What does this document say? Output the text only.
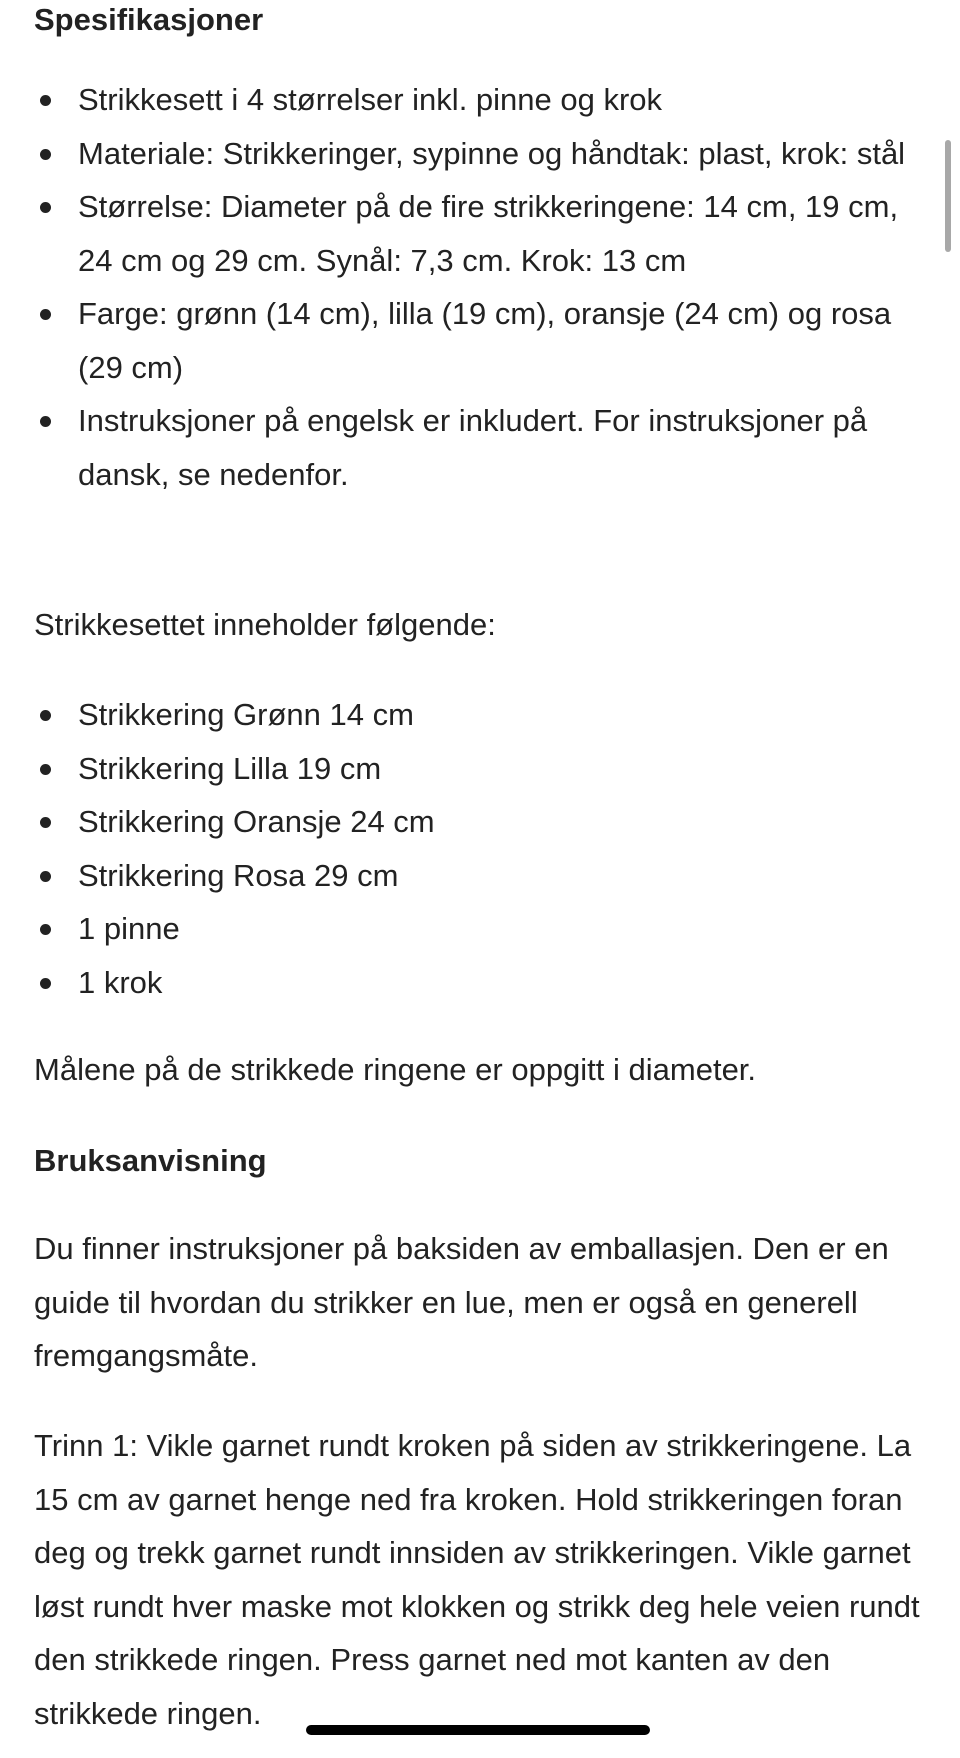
Spesifikasjoner
Strikkesett i 4 størrelser inkl. pinne og krok
Materiale: Strikkeringer, sypinne og håndtak: plast, krok: stål
Størrelse: Diameter på de fire strikkeringene: 14 cm, 19 cm, 24 cm og 29 cm. Synål: 7,3 cm. Krok: 13 cm
Farge: grønn (14 cm), lilla (19 cm), oransje (24 cm) og rosa (29 cm)
Instruksjoner på engelsk er inkludert. For instruksjoner på dansk, se nedenfor.

Strikkesettet inneholder følgende:

Strikkering Grønn 14 cm
Strikkering Lilla 19 cm
Strikkering Oransje 24 cm
Strikkering Rosa 29 cm
1 pinne
1 krok

Målene på de strikkede ringene er oppgitt i diameter.

Bruksanvisning

Du finner instruksjoner på baksiden av emballasjen. Den er en guide til hvordan du strikker en lue, men er også en generell fremgangsmåte.

Trinn 1: Vikle garnet rundt kroken på siden av strikkeringene. La 15 cm av garnet henge ned fra kroken. Hold strikkeringen foran deg og trekk garnet rundt innsiden av strikkeringen. Vikle garnet løst rundt hver maske mot klokken og strikk deg hele veien rundt den strikkede ringen. Press garnet ned mot kanten av den strikkede ringen.
